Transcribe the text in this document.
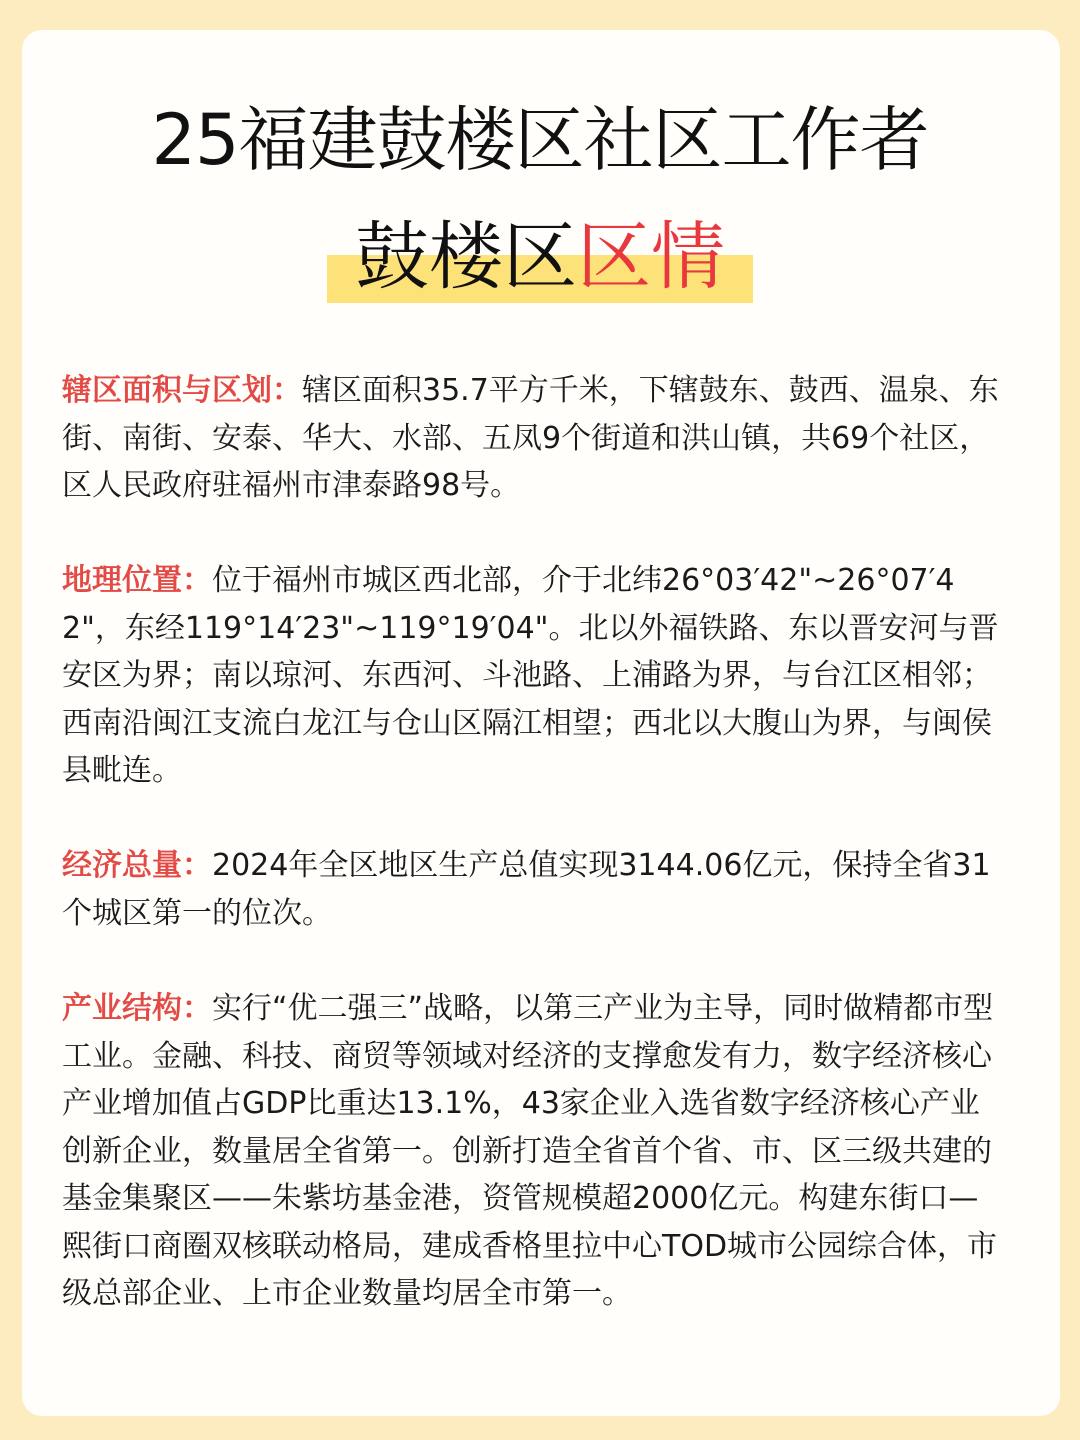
25福建鼓楼区社区工作者
鼓楼区区情
辖区面积与区划：辖区面积35.7平方千米，下辖鼓东、鼓西、温泉、东街、南街、安泰、华大、水部、五凤9个街道和洪山镇，共69个社区，区人民政府驻福州市津泰路98号。
地理位置：位于福州市城区西北部，介于北纬26°03′42"~26°07′42"，东经119°14′23"~119°19′04"。北以外福铁路、东以晋安河与晋安区为界；南以琼河、东西河、斗池路、上浦路为界，与台江区相邻；西南沿闽江支流白龙江与仓山区隔江相望；西北以大腹山为界，与闽侯县毗连。
经济总量：2024年全区地区生产总值实现3144.06亿元，保持全省31个城区第一的位次。
产业结构：实行“优二强三”战略，以第三产业为主导，同时做精都市型工业。金融、科技、商贸等领域对经济的支撑愈发有力，数字经济核心产业增加值占GDP比重达13.1%，43家企业入选省数字经济核心产业创新企业，数量居全省第一。创新打造全省首个省、市、区三级共建的基金集聚区——朱紫坊基金港，资管规模超2000亿元。构建东街口—熙街口商圈双核联动格局，建成香格里拉中心TOD城市公园综合体，市级总部企业、上市企业数量均居全市第一。
